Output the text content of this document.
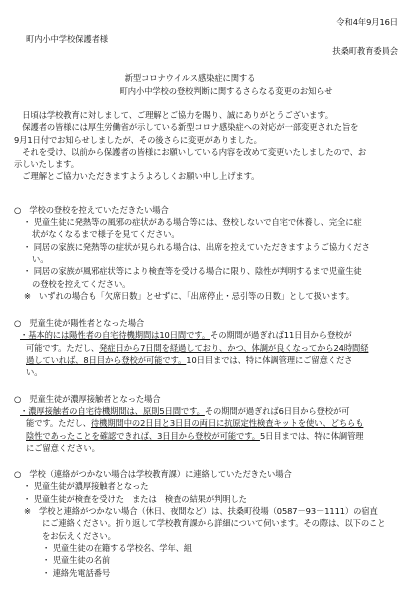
令和4年9月16日
町内小中学校保護者様
扶桑町教育委員会
新型コロナウイルス感染症に関する
町内小中学校の登校判断に関するさらなる変更のお知らせ

日頃は学校教育に対しまして、ご理解とご協力を賜り、誠にありがとうございます。

保護者の皆様には厚生労働省が示している新型コロナ感染症への対応が一部変更された旨を

9月1日付でお知らせしましたが、その後さらに変更がありました。

それを受け、以前から保護者の皆様にお願いしている内容を改めて変更いたしましたので、お

示しいたします。

ご理解とご協力いただきますようよろしくお願い申し上げます。

○　学校の登校を控えていただきたい場合

・ 児童生徒に発熱等の風邪の症状がある場合等には、登校しないで自宅で休養し、完全に症

状がなくなるまで様子を見てください。

・ 同居の家族に発熱等の症状が見られる場合は、出席を控えていただきますようご協力くださ

い。

・ 同居の家族が風邪症状等により検査等を受ける場合に限り、陰性が判明するまで児童生徒

の登校を控えてください。

※　いずれの場合も「欠席日数」とせずに、「出席停止・忌引等の日数」として扱います。

○　児童生徒が陽性者となった場合

・基本的には陽性者の自宅待機期間は10日間です。その期間が過ぎれば11日目から登校が

可能です。ただし、発症日から7日間を経過しており、かつ、体調が良くなってから24時間経

過していれば、8日目から登校が可能です。10日目までは、特に体調管理にご留意くださ

い。

○　児童生徒が濃厚接触者となった場合

・濃厚接触者の自宅待機期間は、原則5日間です。その期間が過ぎれば6日目から登校が可

能です。ただし、待機期間中の2日目と3日目の両日に抗原定性検査キットを使い、どちらも

陰性であったことを確認できれば、3日目から登校が可能です。5日目までは、特に体調管理

にご留意ください。

○　学校（連絡がつかない場合は学校教育課）に連絡していただきたい場合

・ 児童生徒が濃厚接触者となった

・ 児童生徒が検査を受けた　または　検査の結果が判明した

※　学校と連絡がつかない場合（休日、夜間など）は、扶桑町役場（0587－93－1111）の宿直

にご連絡ください。折り返して学校教育課から詳細について伺います。その際は、以下のこと

をお伝えください。

・ 児童生徒の在籍する学校名、学年、組

・ 児童生徒の名前

・ 連絡先電話番号
